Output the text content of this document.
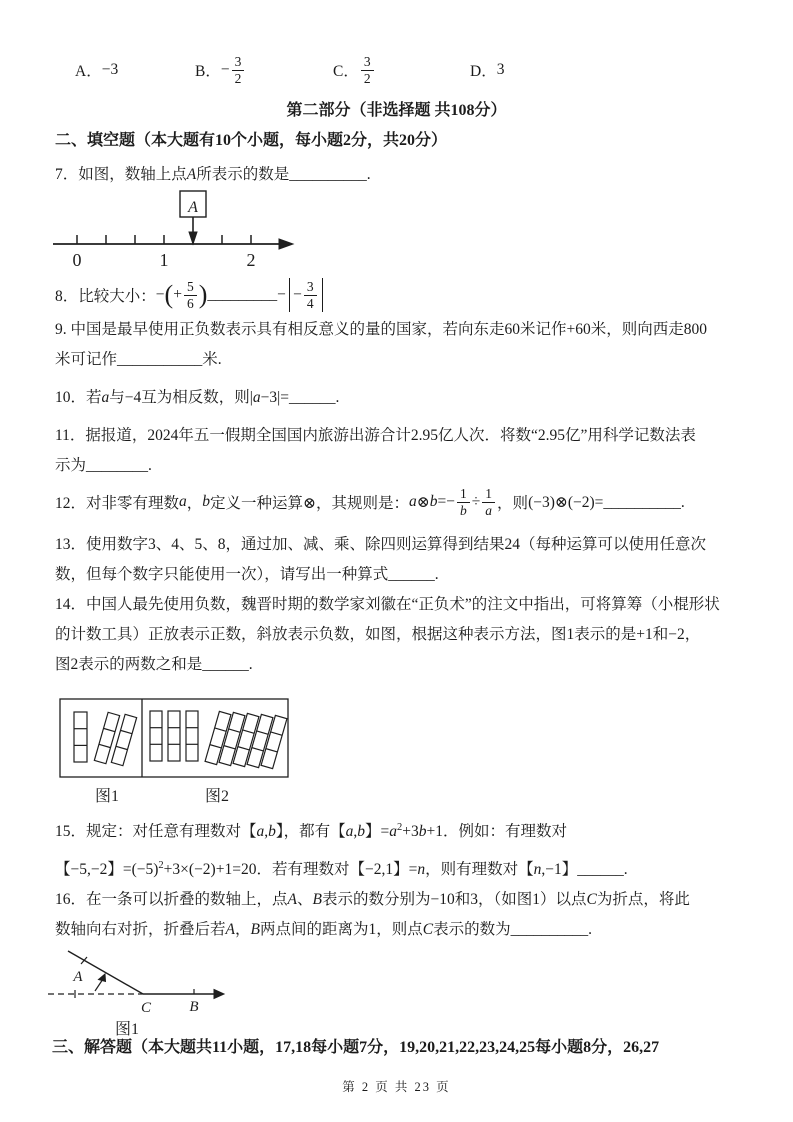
A． −3	B． − $\frac{3}{2}$	C． $\frac{3}{2}$	D． 3
第二部分（非选择题 共108分）
二、填空题（本大题有10个小题，每小题2分，共20分）
7．如图，数轴上点A所表示的数是__________.
A
0	1	2
8．比较大小： − ( + $\frac{5}{6}$ ) _________ − − $\frac{3}{4}$
9. 中国是最早使用正负数表示具有相反意义的量的国家，若向东走60米记作+60米，则向西走800
米可记作___________米.
10．若a与−4互为相反数，则|a−3|=______.
11．据报道，2024年五一假期全国国内旅游出游合计2.95亿人次．将数“2.95亿”用科学记数法表
示为________.
12．对非零有理数 a ， b 定义一种运算⊗，其规则是： a ⊗ b = − $\frac{1}{b} \div \frac{1}{a}$ ，则 (−3)⊗(−2)=__________.
13．使用数字3、4、5、8，通过加、减、乘、除四则运算得到结果24（每种运算可以使用任意次
数，但每个数字只能使用一次），请写出一种算式______.
14．中国人最先使用负数，魏晋时期的数学家刘徽在“正负术”的注文中指出，可将算筹（小棍形状
的计数工具）正放表示正数，斜放表示负数，如图，根据这种表示方法，图1表示的是+1和−2，
图2表示的两数之和是______.
图1	图2
15．规定：对任意有理数对【a,b】，都有【a,b】$=a^2+3b+1$．例如：有理数对
【−5,−2】$=(-5)^2+3\times(-2)+1=20$．若有理数对【−2,1】=n，则有理数对【n,−1】______.
16．在一条可以折叠的数轴上，点A、B表示的数分别为−10和3，（如图1）以点C为折点，将此
数轴向右对折，折叠后若A，B两点间的距离为1，则点C表示的数为__________.
A
C	B
图1
三、解答题（本大题共11小题，17,18每小题7分，19,20,21,22,23,24,25每小题8分，26,27
第 2 页 共 23 页
